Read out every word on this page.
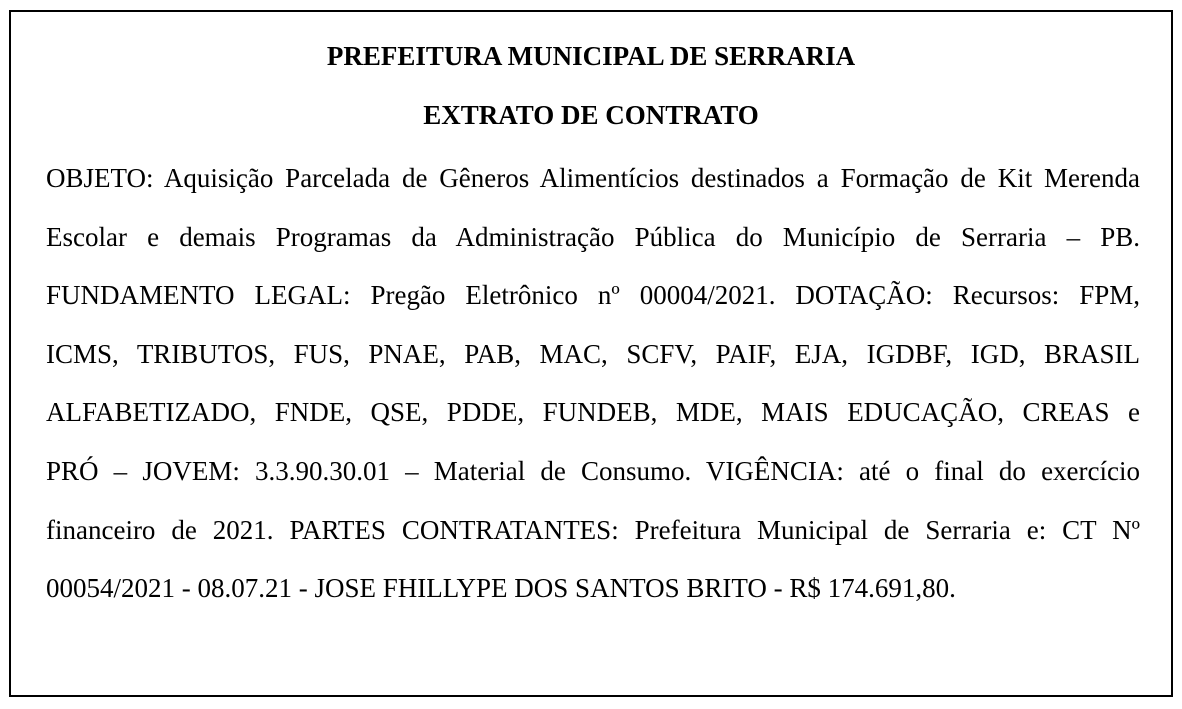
PREFEITURA MUNICIPAL DE SERRARIA

EXTRATO DE CONTRATO

OBJETO: Aquisição Parcelada de Gêneros Alimentícios destinados a Formação de Kit Merenda
Escolar e demais Programas da Administração Pública do Município de Serraria – PB.
FUNDAMENTO LEGAL: Pregão Eletrônico nº 00004/2021. DOTAÇÃO: Recursos: FPM,
ICMS, TRIBUTOS, FUS, PNAE, PAB, MAC, SCFV, PAIF, EJA, IGDBF, IGD, BRASIL
ALFABETIZADO, FNDE, QSE, PDDE, FUNDEB, MDE, MAIS EDUCAÇÃO, CREAS e
PRÓ – JOVEM: 3.3.90.30.01 – Material de Consumo. VIGÊNCIA: até o final do exercício
financeiro de 2021. PARTES CONTRATANTES: Prefeitura Municipal de Serraria e: CT Nº
00054/2021 - 08.07.21 - JOSE FHILLYPE DOS SANTOS BRITO - R$ 174.691,80.
